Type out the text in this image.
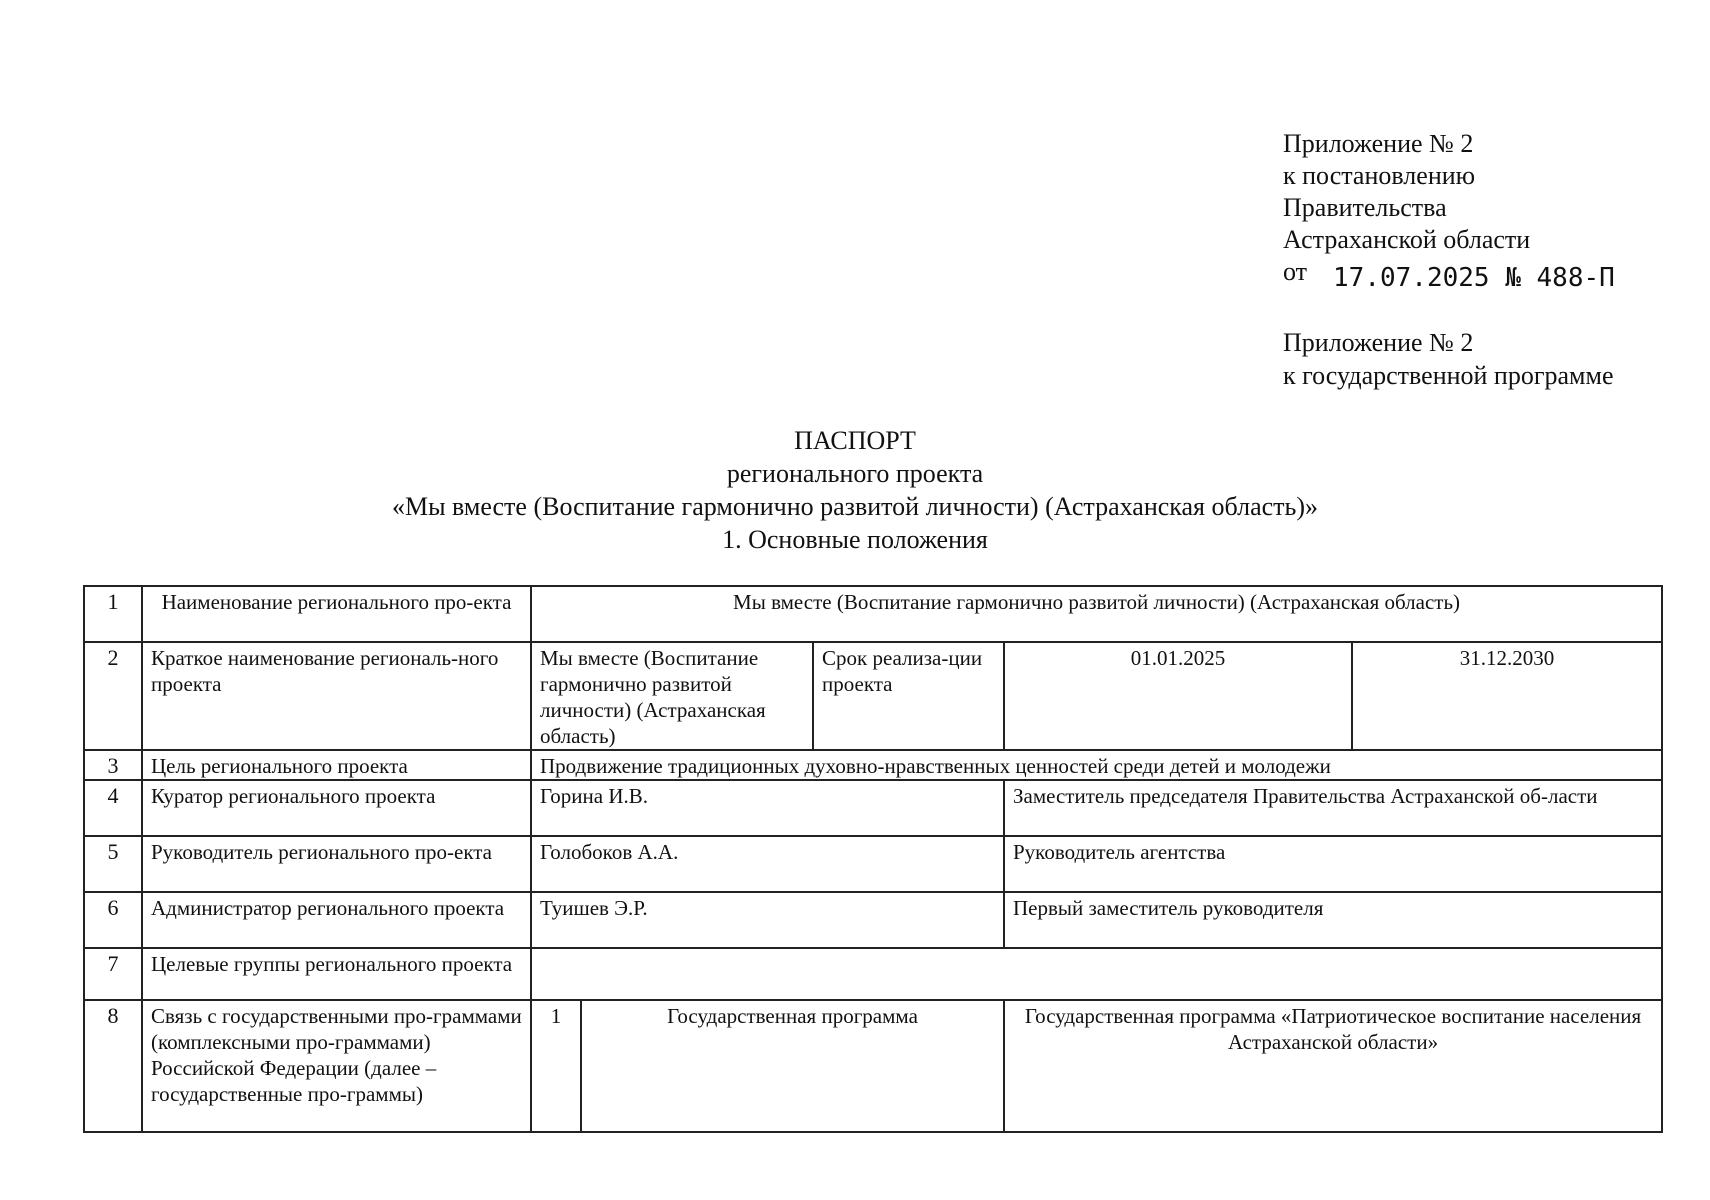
Приложение № 2
к постановлению
Правительства
Астраханской области
от 17.07.2025 № 488-П
Приложение № 2
к государственной программе
ПАСПОРТ
регионального проекта
«Мы вместе (Воспитание гармонично развитой личности) (Астраханская область)»
1. Основные положения
1	Наименование регионального про-екта	Мы вместе (Воспитание гармонично развитой личности) (Астраханская область)				
2	Краткое наименование региональ-ного проекта	Мы вместе (Воспитание гармонично развитой личности) (Астраханская область)		Срок реализа-ции проекта	01.01.2025	31.12.2030
3	Цель регионального проекта	Продвижение традиционных духовно-нравственных ценностей среди детей и молодежи				
4	Куратор регионального проекта	Горина И.В.			Заместитель председателя Правительства Астраханской об-ласти	
5	Руководитель регионального про-екта	Голобоков А.А.			Руководитель агентства	
6	Администратор регионального проекта	Туишев Э.Р.			Первый заместитель руководителя	
7	Целевые группы регионального проекта					
8	Связь с государственными про-граммами (комплексными про-граммами) Российской Федерации (далее – государственные про-граммы)	1	Государственная программа		Государственная программа «Патриотическое воспитание населения Астраханской области»	
